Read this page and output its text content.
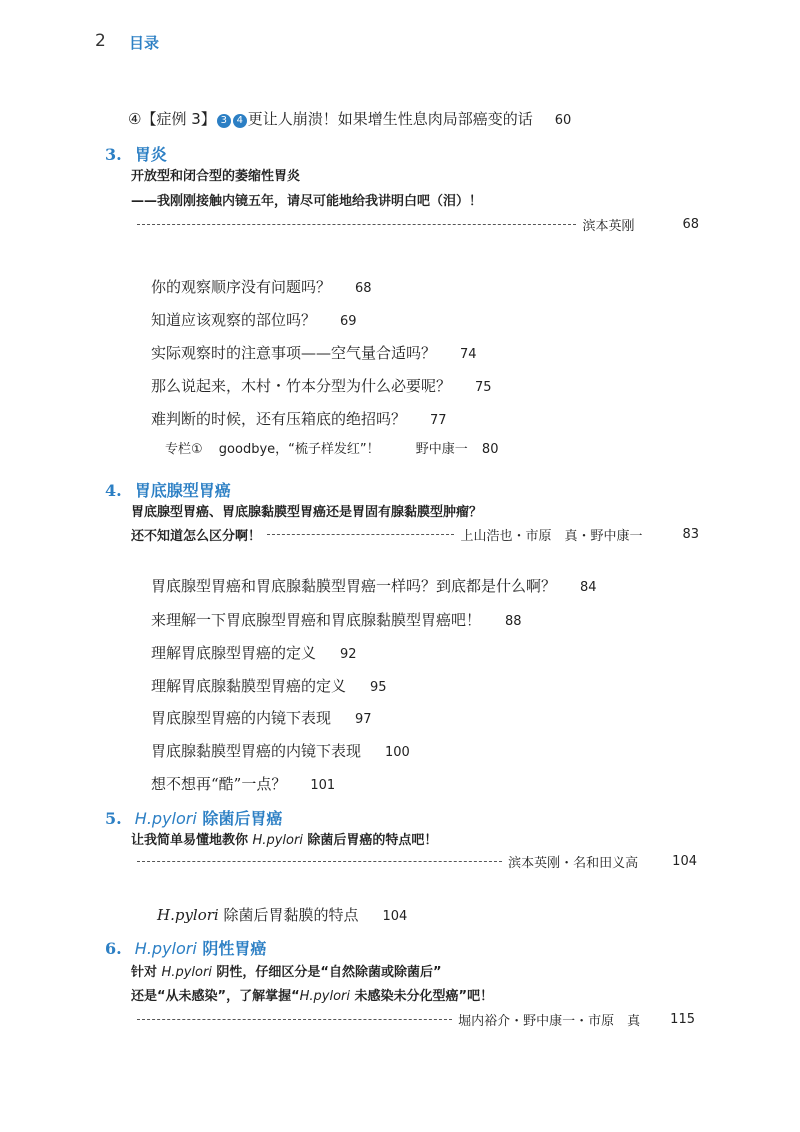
2 目录
④【症例 3】 3 4 更让人崩溃！如果增生性息肉局部癌变的话 60
3. 胃炎
开放型和闭合型的萎缩性胃炎
——我刚刚接触内镜五年，请尽可能地给我讲明白吧（泪）！
滨本英刚	68
你的观察顺序没有问题吗？ 68
知道应该观察的部位吗？ 69
实际观察时的注意事项——空气量合适吗？ 74
那么说起来，木村・竹本分型为什么必要呢？ 75
难判断的时候，还有压箱底的绝招吗？ 77
专栏① goodbye，“梳子样发红”！	野中康一 80
4. 胃底腺型胃癌
胃底腺型胃癌、胃底腺黏膜型胃癌还是胃固有腺黏膜型肿瘤？
还不知道怎么区分啊！	上山浩也・市原　真・野中康一	83
胃底腺型胃癌和胃底腺黏膜型胃癌一样吗？到底都是什么啊？ 84
来理解一下胃底腺型胃癌和胃底腺黏膜型胃癌吧！ 88
理解胃底腺型胃癌的定义 92
理解胃底腺黏膜型胃癌的定义 95
胃底腺型胃癌的内镜下表现 97
胃底腺黏膜型胃癌的内镜下表现 100
想不想再“酷”一点？ 101
5. H.pylori 除菌后胃癌
让我简单易懂地教你 H.pylori 除菌后胃癌的特点吧！
滨本英刚・名和田义高	104
H.pylori 除菌后胃黏膜的特点 104
6. H.pylori 阴性胃癌
针对 H.pylori 阴性，仔细区分是“自然除菌或除菌后”
还是“从未感染”，了解掌握“H.pylori 未感染未分化型癌”吧！
堀内裕介・野中康一・市原　真 115
